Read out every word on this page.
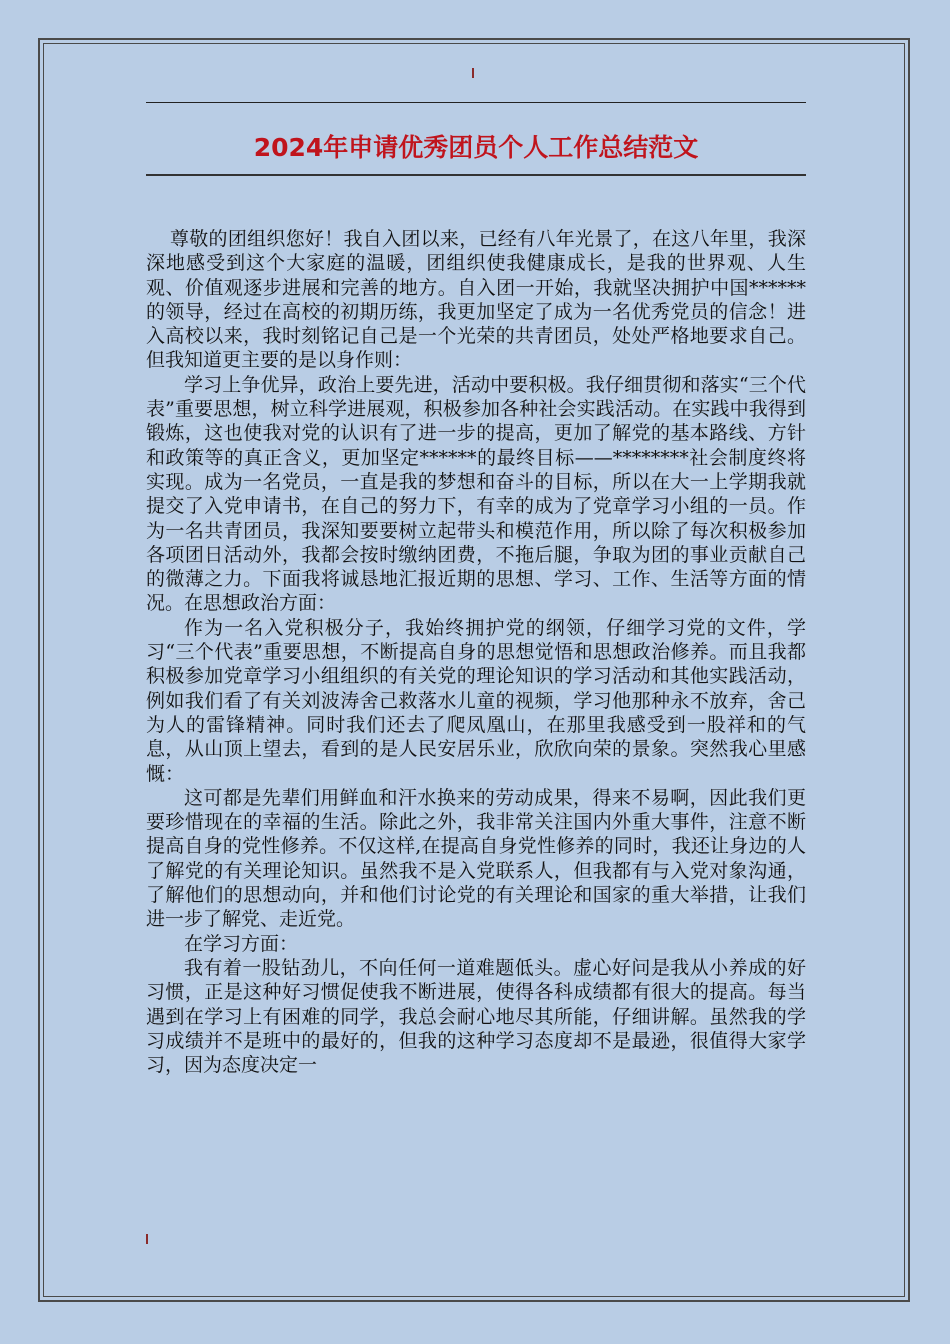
2024年申请优秀团员个人工作总结范文

尊敬的团组织您好！我自入团以来，已经有八年光景了，在这八年里，我深深地感受到这个大家庭的温暖，团组织使我健康成长，是我的世界观、人生观、价值观逐步进展和完善的地方。自入团一开始，我就坚决拥护中国******的领导，经过在高校的初期历练，我更加坚定了成为一名优秀党员的信念！进入高校以来，我时刻铭记自己是一个光荣的共青团员，处处严格地要求自己。但我知道更主要的是以身作则：

学习上争优异，政治上要先进，活动中要积极。我仔细贯彻和落实“三个代表”重要思想，树立科学进展观，积极参加各种社会实践活动。在实践中我得到锻炼，这也使我对党的认识有了进一步的提高，更加了解党的基本路线、方针和政策等的真正含义，更加坚定******的最终目标——********社会制度终将实现。成为一名党员，一直是我的梦想和奋斗的目标，所以在大一上学期我就提交了入党申请书，在自己的努力下，有幸的成为了党章学习小组的一员。作为一名共青团员，我深知要要树立起带头和模范作用，所以除了每次积极参加各项团日活动外，我都会按时缴纳团费，不拖后腿，争取为团的事业贡献自己的微薄之力。下面我将诚恳地汇报近期的思想、学习、工作、生活等方面的情况。在思想政治方面：

作为一名入党积极分子，我始终拥护党的纲领，仔细学习党的文件，学习“三个代表”重要思想，不断提高自身的思想觉悟和思想政治修养。而且我都积极参加党章学习小组组织的有关党的理论知识的学习活动和其他实践活动，例如我们看了有关刘波涛舍己救落水儿童的视频，学习他那种永不放弃，舍己为人的雷锋精神。同时我们还去了爬凤凰山，在那里我感受到一股祥和的气息，从山顶上望去，看到的是人民安居乐业，欣欣向荣的景象。突然我心里感慨：

这可都是先辈们用鲜血和汗水换来的劳动成果，得来不易啊，因此我们更要珍惜现在的幸福的生活。除此之外，我非常关注国内外重大事件，注意不断提高自身的党性修养。不仅这样,在提高自身党性修养的同时，我还让身边的人了解党的有关理论知识。虽然我不是入党联系人，但我都有与入党对象沟通，了解他们的思想动向，并和他们讨论党的有关理论和国家的重大举措，让我们进一步了解党、走近党。

在学习方面：

我有着一股钻劲儿，不向任何一道难题低头。虚心好问是我从小养成的好习惯，正是这种好习惯促使我不断进展，使得各科成绩都有很大的提高。每当遇到在学习上有困难的同学，我总会耐心地尽其所能，仔细讲解。虽然我的学习成绩并不是班中的最好的，但我的这种学习态度却不是最逊，很值得大家学习，因为态度决定一
